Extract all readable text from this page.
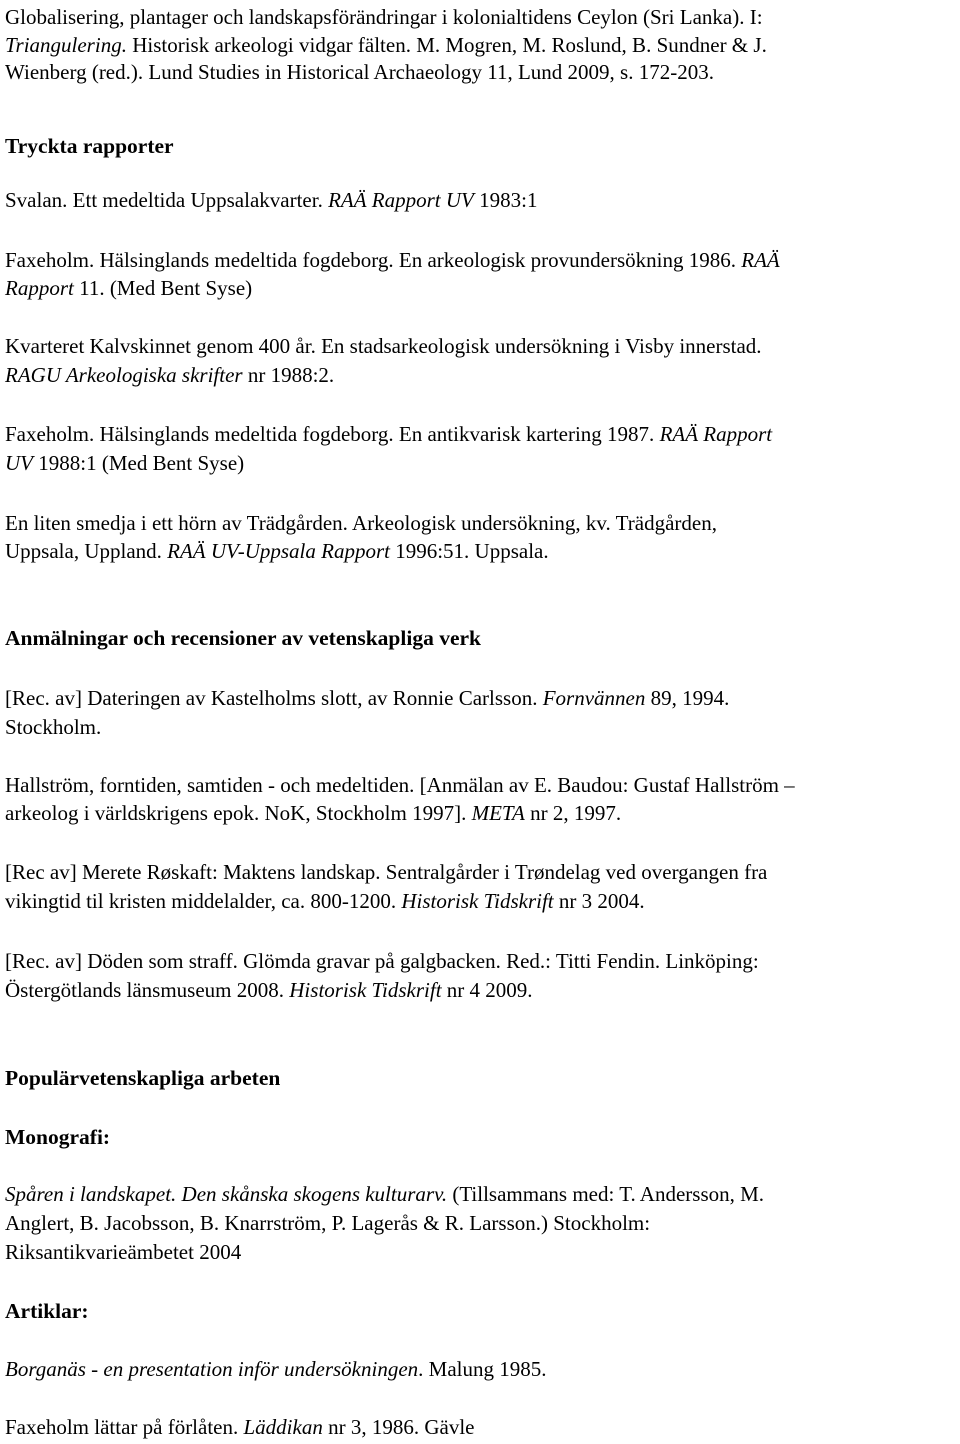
Globalisering, plantager och landskapsförändringar i kolonialtidens Ceylon (Sri Lanka). I:

Triangulering. Historisk arkeologi vidgar fälten. M. Mogren, M. Roslund, B. Sundner & J.

Wienberg (red.). Lund Studies in Historical Archaeology 11, Lund 2009, s. 172-203.

Tryckta rapporter

Svalan. Ett medeltida Uppsalakvarter. RAÄ Rapport UV 1983:1

Faxeholm. Hälsinglands medeltida fogdeborg. En arkeologisk provundersökning 1986. RAÄ

Rapport 11. (Med Bent Syse)

Kvarteret Kalvskinnet genom 400 år. En stadsarkeologisk undersökning i Visby innerstad.

RAGU Arkeologiska skrifter nr 1988:2.

Faxeholm. Hälsinglands medeltida fogdeborg. En antikvarisk kartering 1987. RAÄ Rapport

UV 1988:1 (Med Bent Syse)

En liten smedja i ett hörn av Trädgården. Arkeologisk undersökning, kv. Trädgården,

Uppsala, Uppland. RAÄ UV-Uppsala Rapport 1996:51. Uppsala.

Anmälningar och recensioner av vetenskapliga verk

[Rec. av] Dateringen av Kastelholms slott, av Ronnie Carlsson. Fornvännen 89, 1994.

Stockholm.

Hallström, forntiden, samtiden - och medeltiden. [Anmälan av E. Baudou: Gustaf Hallström –

arkeolog i världskrigens epok. NoK, Stockholm 1997]. META nr 2, 1997.

[Rec av] Merete Røskaft: Maktens landskap. Sentralgårder i Trøndelag ved overgangen fra

vikingtid til kristen middelalder, ca. 800-1200. Historisk Tidskrift nr 3 2004.

[Rec. av] Döden som straff. Glömda gravar på galgbacken. Red.: Titti Fendin. Linköping:

Östergötlands länsmuseum 2008. Historisk Tidskrift nr 4 2009.

Populärvetenskapliga arbeten

Monografi:

Spåren i landskapet. Den skånska skogens kulturarv. (Tillsammans med: T. Andersson, M.

Anglert, B. Jacobsson, B. Knarrström, P. Lagerås & R. Larsson.) Stockholm:

Riksantikvarieämbetet 2004

Artiklar:

Borganäs - en presentation inför undersökningen. Malung 1985.

Faxeholm lättar på förlåten. Läddikan nr 3, 1986. Gävle
